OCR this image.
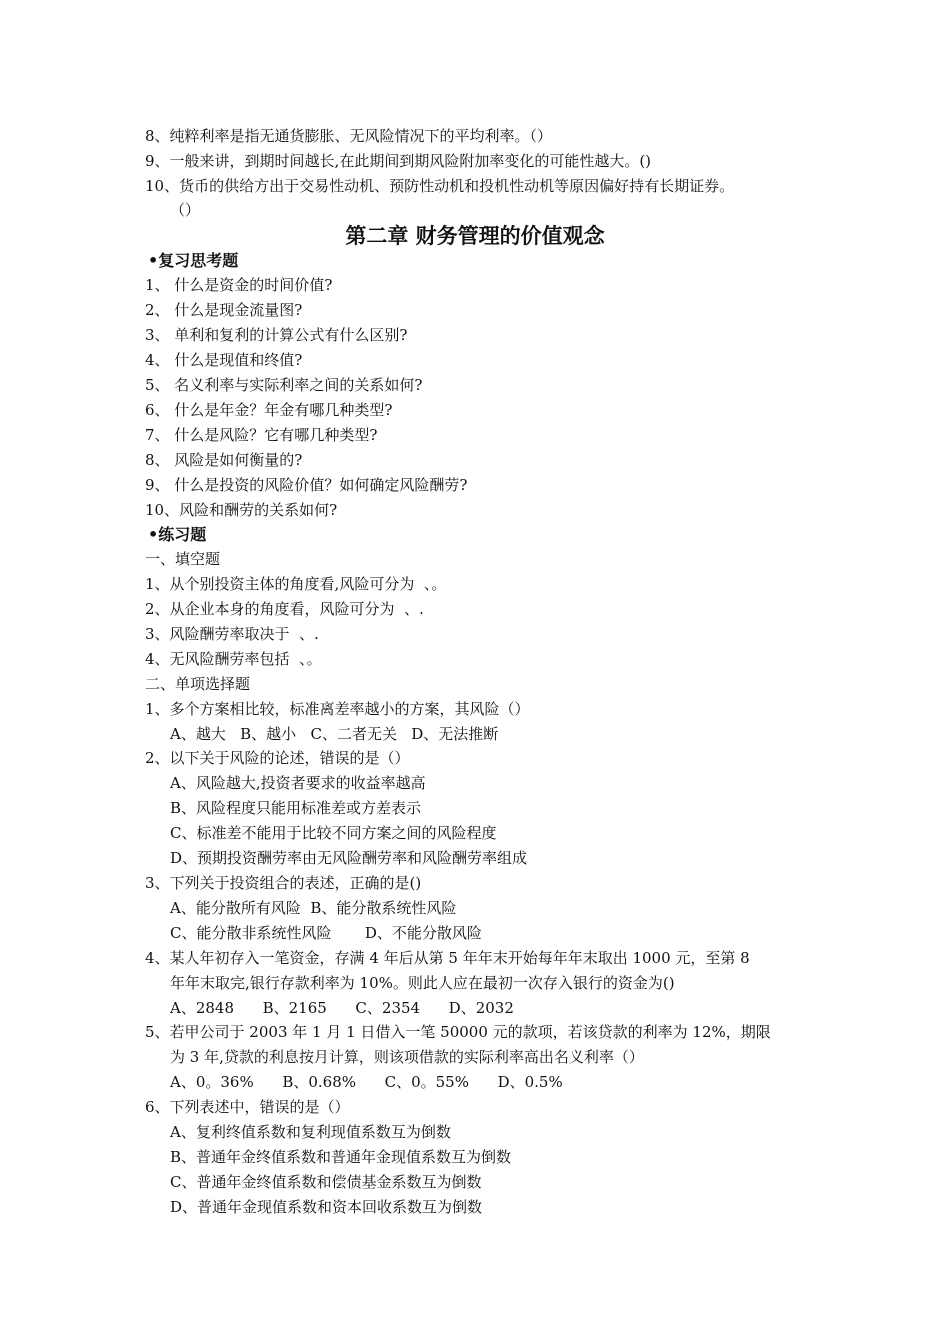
8、纯粹利率是指无通货膨胀、无风险情况下的平均利率。（）
9、一般来讲，到期时间越长,在此期间到期风险附加率变化的可能性越大。()
10、货币的供给方出于交易性动机、预防性动机和投机性动机等原因偏好持有长期证券。
（）
第二章 财务管理的价值观念
•复习思考题
1、 什么是资金的时间价值?
2、 什么是现金流量图?
3、 单利和复利的计算公式有什么区别?
4、 什么是现值和终值?
5、 名义利率与实际利率之间的关系如何?
6、 什么是年金？年金有哪几种类型?
7、 什么是风险？它有哪几种类型?
8、 风险是如何衡量的?
9、 什么是投资的风险价值？如何确定风险酬劳?
10、风险和酬劳的关系如何?
•练习题
一、填空题
1、从个别投资主体的角度看,风险可分为  、。
2、从企业本身的角度看，风险可分为  、.
3、风险酬劳率取决于  、.
4、无风险酬劳率包括  、。
二、单项选择题
1、多个方案相比较，标准离差率越小的方案，其风险（）
A、越大   B、越小   C、二者无关   D、无法推断
2、以下关于风险的论述，错误的是（）
A、风险越大,投资者要求的收益率越高
B、风险程度只能用标准差或方差表示
C、标准差不能用于比较不同方案之间的风险程度
D、预期投资酬劳率由无风险酬劳率和风险酬劳率组成
3、下列关于投资组合的表述，正确的是()
A、能分散所有风险  B、能分散系统性风险
C、能分散非系统性风险       D、不能分散风险
4、某人年初存入一笔资金，存满 4 年后从第 5 年年末开始每年年末取出 1000 元，至第 8
年年末取完,银行存款利率为 10%。则此人应在最初一次存入银行的资金为()
A、2848      B、2165      C、2354      D、2032
5、若甲公司于 2003 年 1 月 1 日借入一笔 50000 元的款项，若该贷款的利率为 12%，期限
为 3 年,贷款的利息按月计算，则该项借款的实际利率高出名义利率（）
A、0。36%      B、0.68%      C、0。55%      D、0.5%
6、下列表述中，错误的是（）
A、复利终值系数和复利现值系数互为倒数
B、普通年金终值系数和普通年金现值系数互为倒数
C、普通年金终值系数和偿债基金系数互为倒数
D、普通年金现值系数和资本回收系数互为倒数
